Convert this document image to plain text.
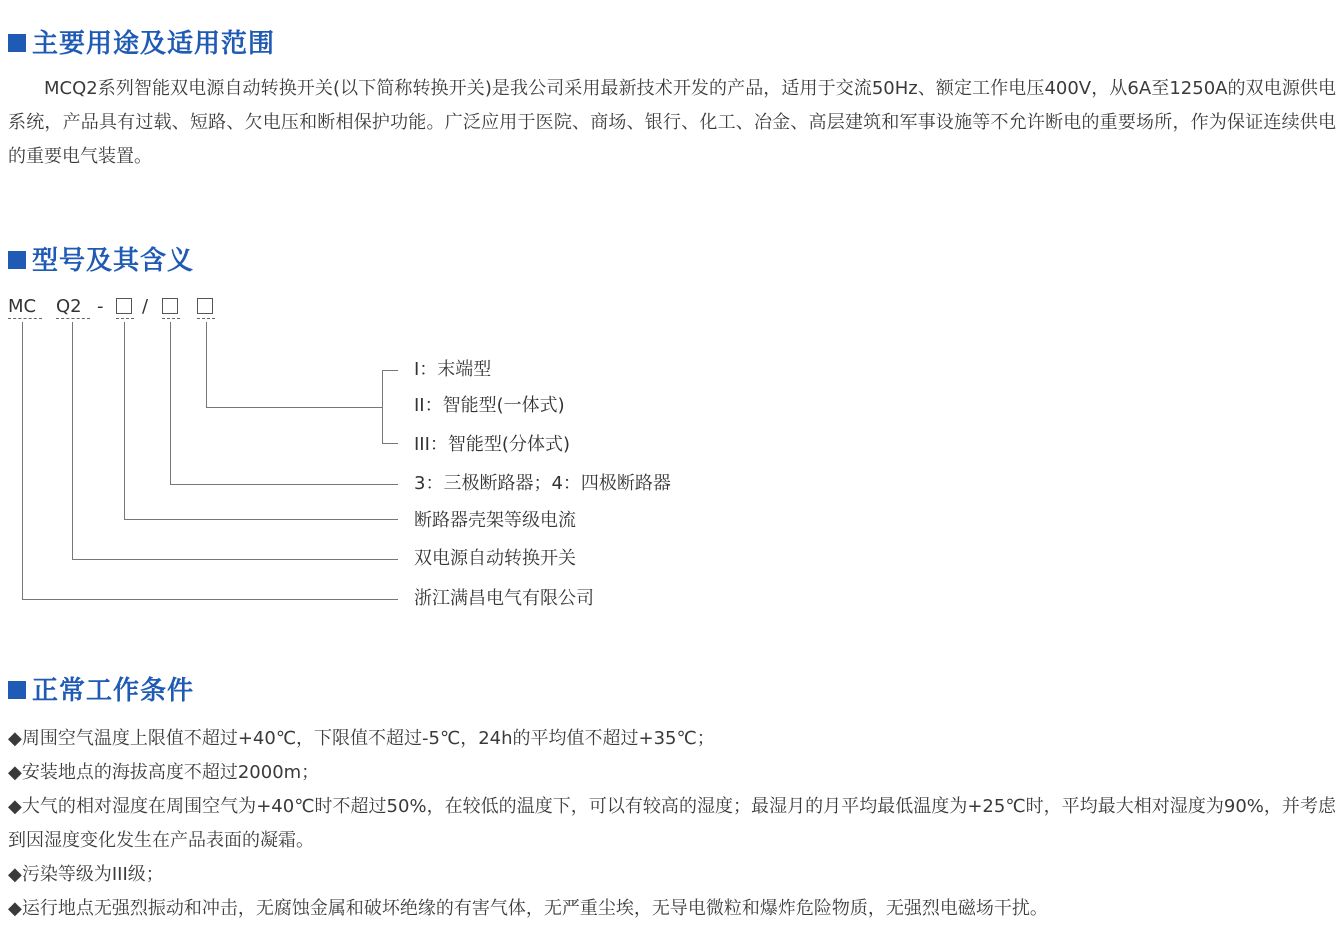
主要用途及适用范围

MCQ2系列智能双电源自动转换开关(以下简称转换开关)是我公司采用最新技术开发的产品，适用于交流50Hz、额定工作电压400V，从6A至1250A的双电源供电系统，产品具有过载、短路、欠电压和断相保护功能。广泛应用于医院、商场、银行、化工、冶金、高层建筑和军事设施等不允许断电的重要场所，作为保证连续供电的重要电气装置。

型号及其含义
MC Q2 - /
I：末端型
II：智能型(一体式)
III：智能型(分体式)
3：三极断路器；4：四极断路器
断路器壳架等级电流
双电源自动转换开关
浙江满昌电气有限公司
正常工作条件

◆周围空气温度上限值不超过+40℃，下限值不超过-5℃，24h的平均值不超过+35℃；

◆安装地点的海拔高度不超过2000m；

◆大气的相对湿度在周围空气为+40℃时不超过50%，在较低的温度下，可以有较高的湿度；最湿月的月平均最低温度为+25℃时，平均最大相对湿度为90%，并考虑到因湿度变化发生在产品表面的凝霜。

◆污染等级为III级；

◆运行地点无强烈振动和冲击，无腐蚀金属和破坏绝缘的有害气体，无严重尘埃，无导电微粒和爆炸危险物质，无强烈电磁场干扰。
